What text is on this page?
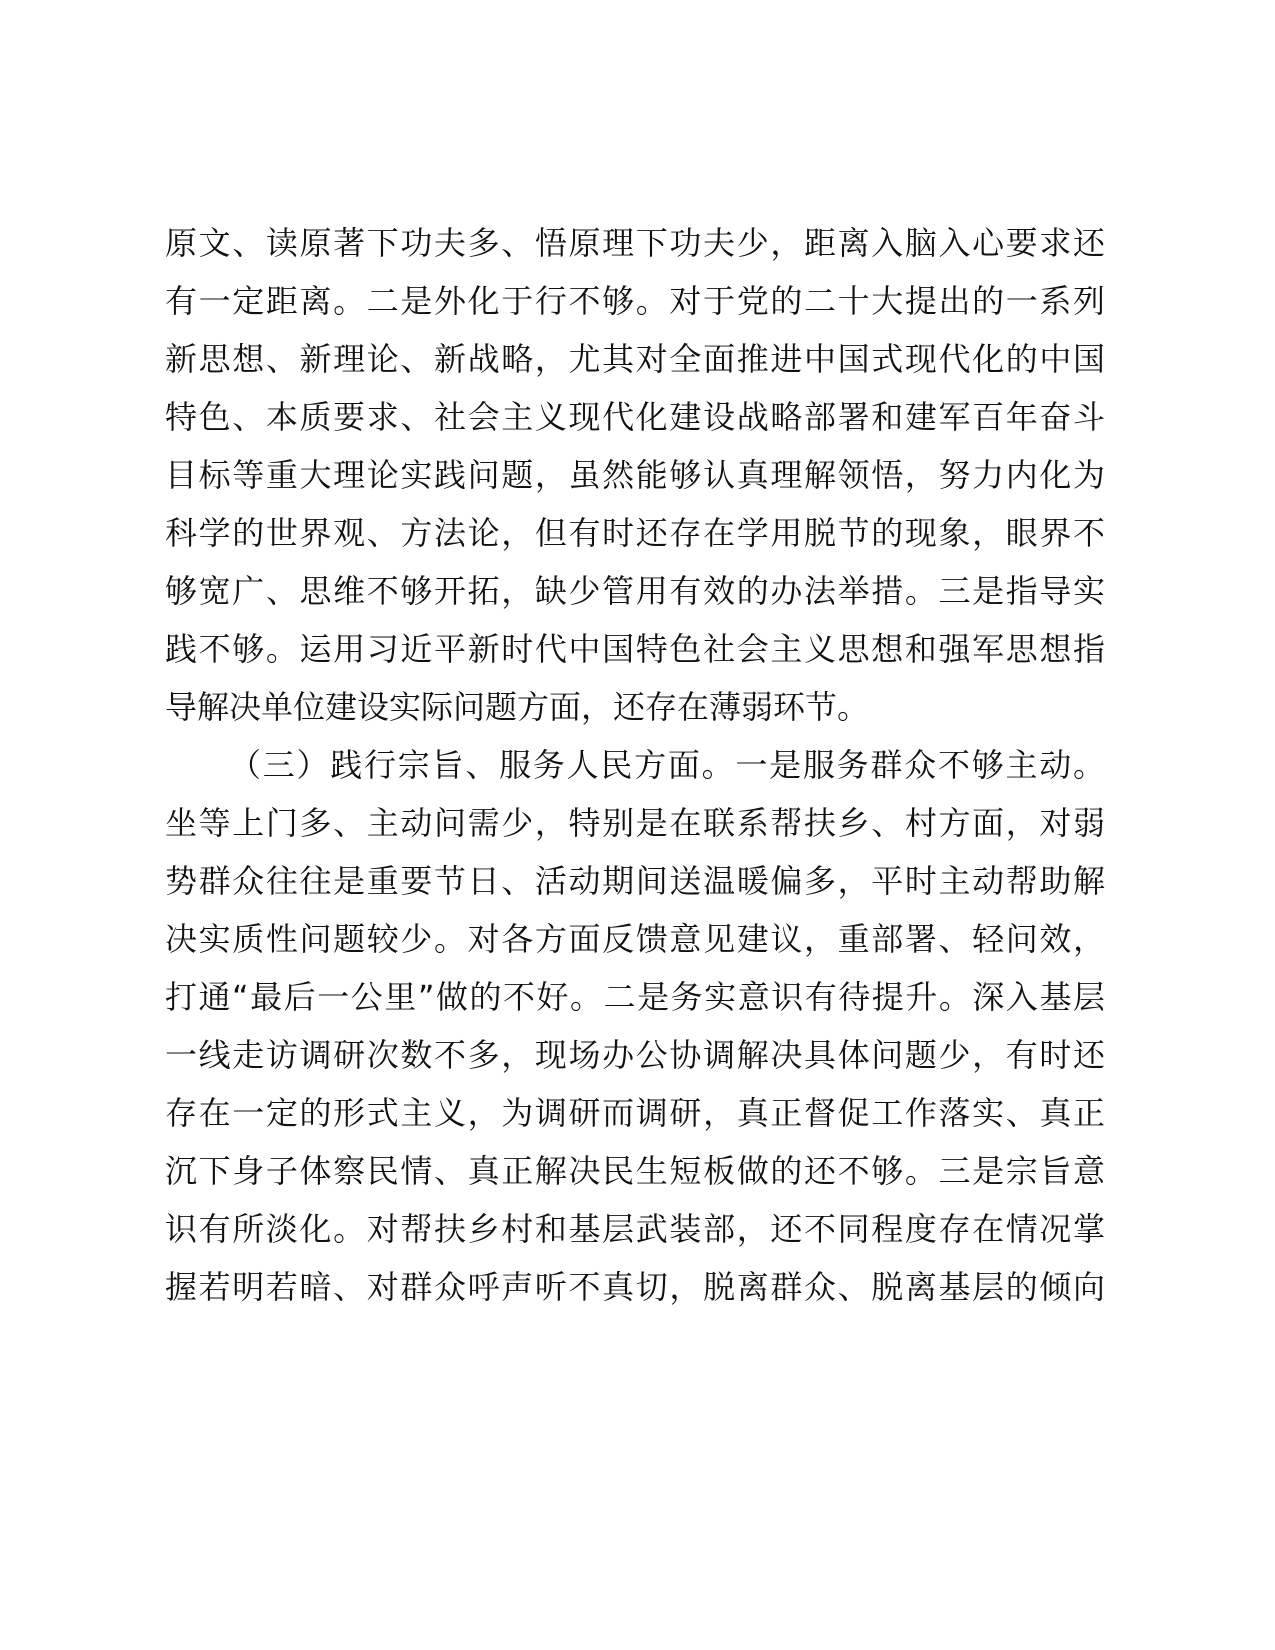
原文、读原著下功夫多、悟原理下功夫少，距离入脑入心要求还
有一定距离。二是外化于行不够。对于党的二十大提出的一系列
新思想、新理论、新战略，尤其对全面推进中国式现代化的中国
特色、本质要求、社会主义现代化建设战略部署和建军百年奋斗
目标等重大理论实践问题，虽然能够认真理解领悟，努力内化为
科学的世界观、方法论，但有时还存在学用脱节的现象，眼界不
够宽广、思维不够开拓，缺少管用有效的办法举措。三是指导实
践不够。运用习近平新时代中国特色社会主义思想和强军思想指
导解决单位建设实际问题方面，还存在薄弱环节。
（三）践行宗旨、服务人民方面。一是服务群众不够主动。
坐等上门多、主动问需少，特别是在联系帮扶乡、村方面，对弱
势群众往往是重要节日、活动期间送温暖偏多，平时主动帮助解
决实质性问题较少。对各方面反馈意见建议，重部署、轻问效，
打通“最后一公里”做的不好。二是务实意识有待提升。深入基层
一线走访调研次数不多，现场办公协调解决具体问题少，有时还
存在一定的形式主义，为调研而调研，真正督促工作落实、真正
沉下身子体察民情、真正解决民生短板做的还不够。三是宗旨意
识有所淡化。对帮扶乡村和基层武装部，还不同程度存在情况掌
握若明若暗、对群众呼声听不真切，脱离群众、脱离基层的倾向
